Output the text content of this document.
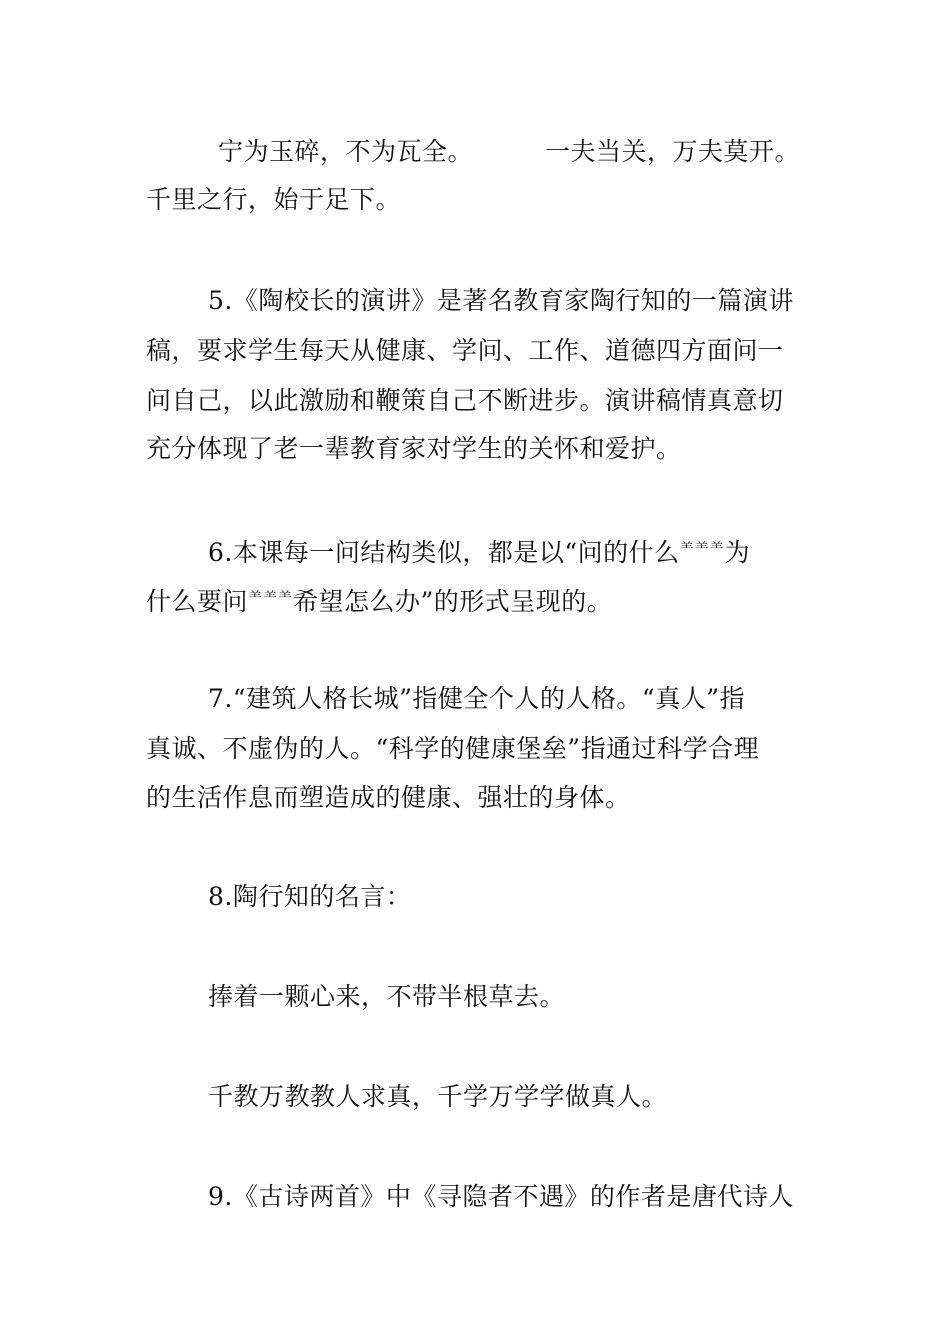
宁为玉碎，不为瓦全。	一夫当关，万夫莫开。
千里之行，始于足下。
5.《陶校长的演讲》是著名教育家陶行知的一篇演讲
稿，要求学生每天从健康、学问、工作、道德四方面问一
问自己，以此激励和鞭策自己不断进步。演讲稿情真意切
充分体现了老一辈教育家对学生的关怀和爱护。
6.本课每一问结构类似，都是以“问的什么⺷⺷⺷为
什么要问⺷⺷⺷希望怎么办”的形式呈现的。
7.“建筑人格长城”指健全个人的人格。“真人”指
真诚、不虚伪的人。“科学的健康堡垒”指通过科学合理
的生活作息而塑造成的健康、强壮的身体。
8.陶行知的名言：
捧着一颗心来，不带半根草去。
千教万教教人求真，千学万学学做真人。
9.《古诗两首》中《寻隐者不遇》的作者是唐代诗人
